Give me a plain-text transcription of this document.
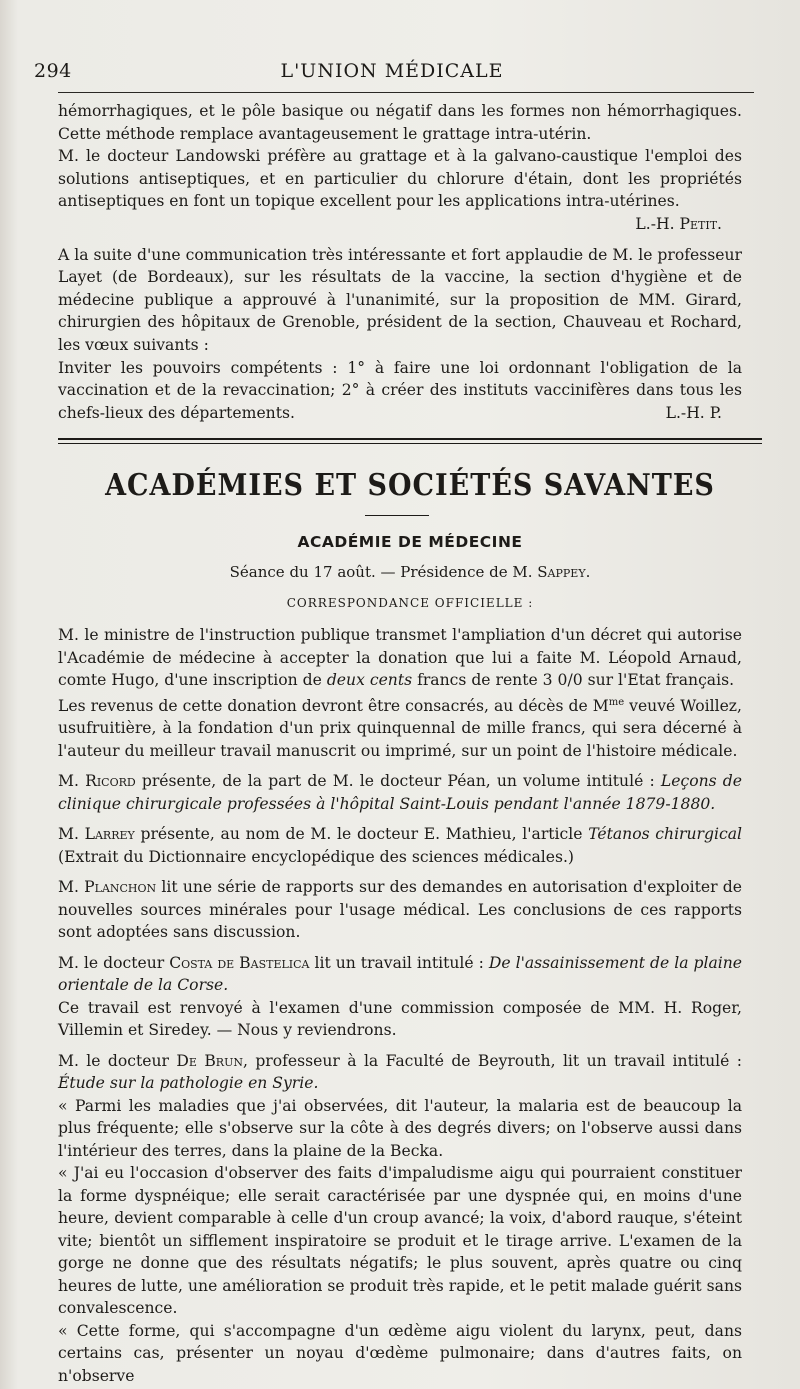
294	L'UNION MÉDICALE

hémorrhagiques, et le pôle basique ou négatif dans les formes non hémorrhagiques. Cette méthode remplace avantageusement le grattage intra-utérin.

M. le docteur Landowski préfère au grattage et à la galvano-caustique l'emploi des solutions antiseptiques, et en particulier du chlorure d'étain, dont les propriétés antiseptiques en font un topique excellent pour les applications intra-utérines.

L.-H. Petit.

A la suite d'une communication très intéressante et fort applaudie de M. le professeur Layet (de Bordeaux), sur les résultats de la vaccine, la section d'hygiène et de médecine publique a approuvé à l'unanimité, sur la proposition de MM. Girard, chirurgien des hôpitaux de Grenoble, président de la section, Chauveau et Rochard, les vœux suivants :

Inviter les pouvoirs compétents : 1° à faire une loi ordonnant l'obligation de la vaccination et de la revaccination; 2° à créer des instituts vaccinifères dans tous les chefs-lieux des départements.	L.-H. P.
ACADÉMIES ET SOCIÉTÉS SAVANTES
ACADÉMIE DE MÉDECINE
Séance du 17 août. — Présidence de M. Sappey.
CORRESPONDANCE OFFICIELLE :

M. le ministre de l'instruction publique transmet l'ampliation d'un décret qui autorise l'Académie de médecine à accepter la donation que lui a faite M. Léopold Arnaud, comte Hugo, d'une inscription de deux cents francs de rente 3 0/0 sur l'Etat français.

Les revenus de cette donation devront être consacrés, au décès de $M^{me}$ veuvé Woillez, usufruitière, à la fondation d'un prix quinquennal de mille francs, qui sera décerné à l'auteur du meilleur travail manuscrit ou imprimé, sur un point de l'histoire médicale.

M. Ricord présente, de la part de M. le docteur Péan, un volume intitulé : Leçons de clinique chirurgicale professées à l'hôpital Saint-Louis pendant l'année 1879-1880.

M. Larrey présente, au nom de M. le docteur E. Mathieu, l'article Tétanos chirurgical (Extrait du Dictionnaire encyclopédique des sciences médicales.)

M. Planchon lit une série de rapports sur des demandes en autorisation d'exploiter de nouvelles sources minérales pour l'usage médical. Les conclusions de ces rapports sont adoptées sans discussion.

M. le docteur Costa de Bastelica lit un travail intitulé : De l'assainissement de la plaine orientale de la Corse.

Ce travail est renvoyé à l'examen d'une commission composée de MM. H. Roger, Villemin et Siredey. — Nous y reviendrons.

M. le docteur De Brun, professeur à la Faculté de Beyrouth, lit un travail intitulé : Étude sur la pathologie en Syrie.

« Parmi les maladies que j'ai observées, dit l'auteur, la malaria est de beaucoup la plus fréquente; elle s'observe sur la côte à des degrés divers; on l'observe aussi dans l'intérieur des terres, dans la plaine de la Becka.

« J'ai eu l'occasion d'observer des faits d'impaludisme aigu qui pourraient constituer la forme dyspnéique; elle serait caractérisée par une dyspnée qui, en moins d'une heure, devient comparable à celle d'un croup avancé; la voix, d'abord rauque, s'éteint vite; bientôt un sifflement inspiratoire se produit et le tirage arrive. L'examen de la gorge ne donne que des résultats négatifs; le plus souvent, après quatre ou cinq heures de lutte, une amélioration se produit très rapide, et le petit malade guérit sans convalescence.

« Cette forme, qui s'accompagne d'un œdème aigu violent du larynx, peut, dans certains cas, présenter un noyau d'œdème pulmonaire; dans d'autres faits, on n'observe
